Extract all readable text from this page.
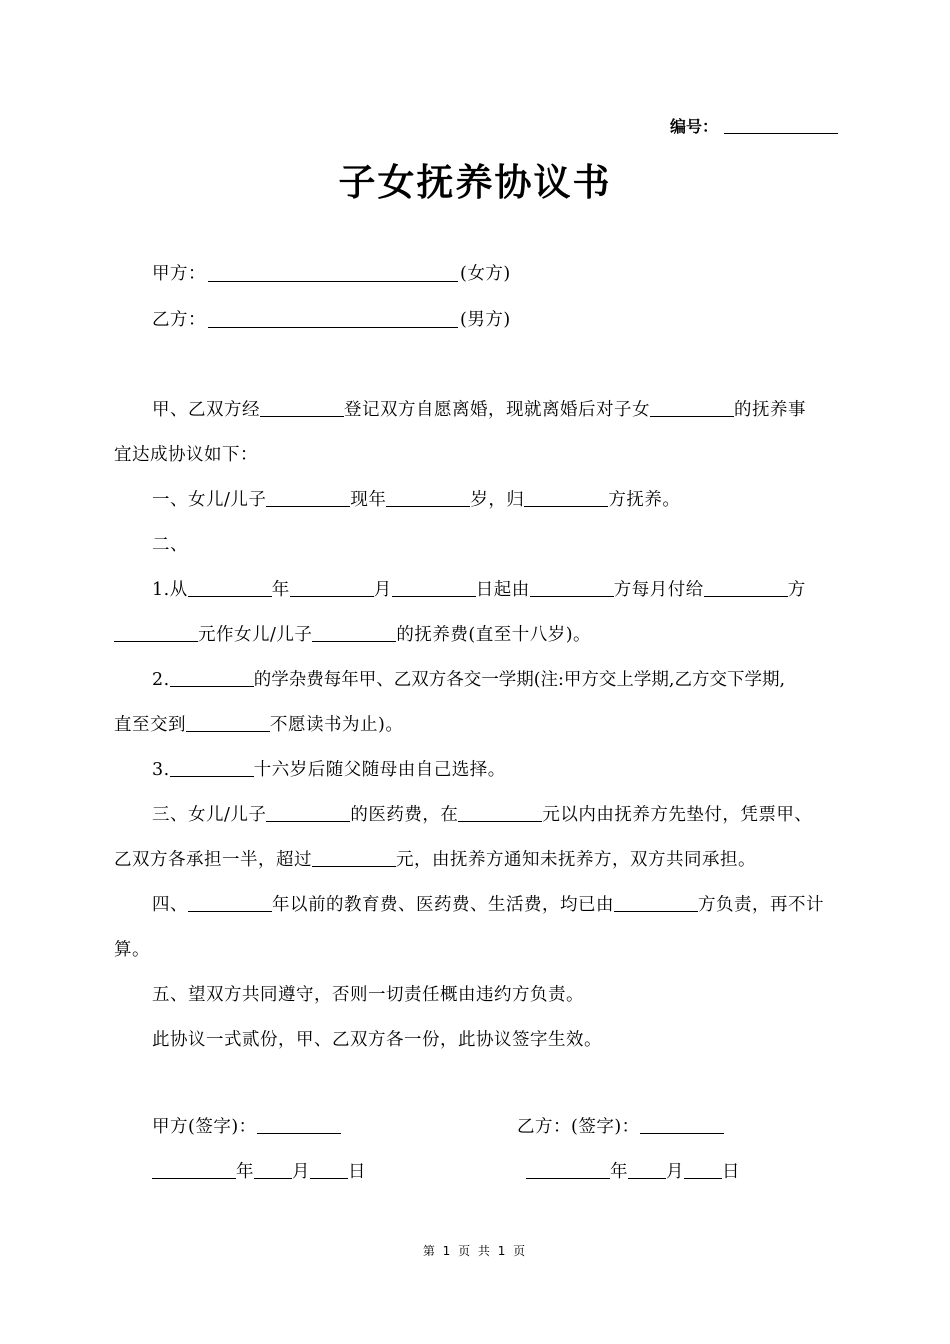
编号：
子女抚养协议书
甲方：	(女方)
乙方：	(男方)
甲、乙双方经	登记双方自愿离婚，现就离婚后对子女	的抚养事
宜达成协议如下：
一、女儿/儿子	现年	岁，归	方抚养。
二、
1.从	年	月	日起由	方每月付给	方
元作女儿/儿子	的抚养费(直至十八岁)。
2.	的学杂费每年甲、乙双方各交一学期(注:甲方交上学期,乙方交下学期,
直至交到	不愿读书为止)。
3.	十六岁后随父随母由自己选择。
三、女儿/儿子	的医药费，在	元以内由抚养方先垫付，凭票甲、
乙双方各承担一半，超过	元，由抚养方通知未抚养方，双方共同承担。
四、	年以前的教育费、医药费、生活费，均已由	方负责，再不计
算。
五、望双方共同遵守，否则一切责任概由违约方负责。
此协议一式贰份，甲、乙双方各一份，此协议签字生效。
甲方(签字)：	乙方：(签字)：
年 月 日	年 月 日
第 1 页 共 1 页
